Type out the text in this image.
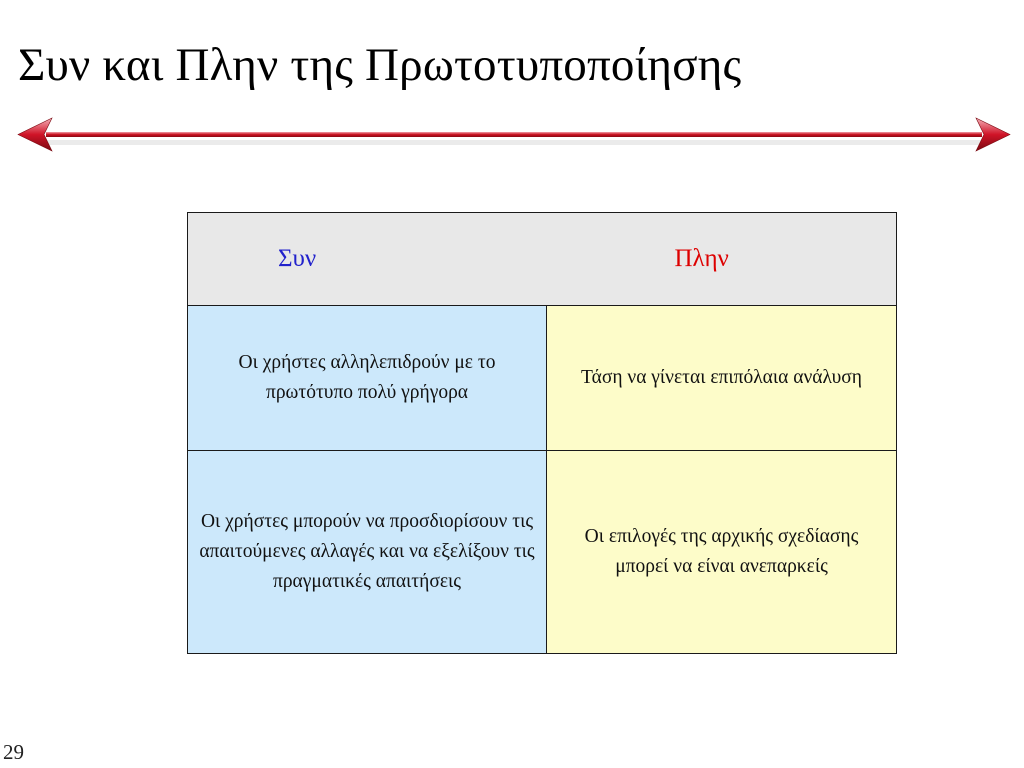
Συν και Πλην της Πρωτοτυποποίησης
Συν	Πλην
Οι χρήστες αλληλεπιδρούν με το πρωτότυπο πολύ γρήγορα	Τάση να γίνεται επιπόλαια ανάλυση
Οι χρήστες μπορούν να προσδιορίσουν τις απαιτούμενες αλλαγές και να εξελίξουν τις πραγματικές απαιτήσεις	Οι επιλογές της αρχικής σχεδίασης μπορεί να είναι ανεπαρκείς
29
